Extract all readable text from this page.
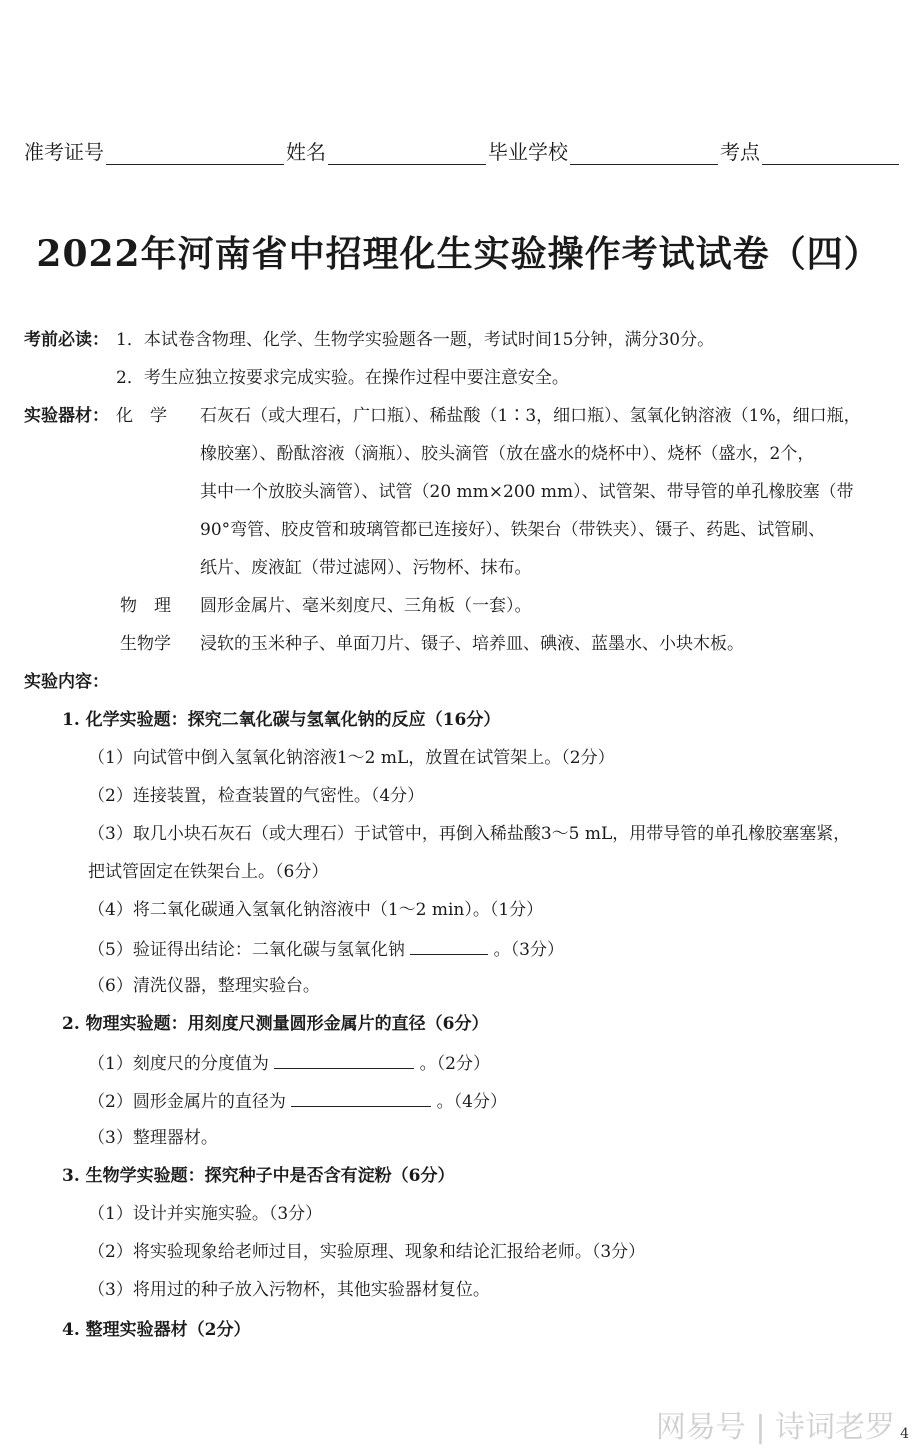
准考证号	姓名	毕业学校	考点
2022年河南省中招理化生实验操作考试试卷（四）
考前必读： 1．本试卷含物理、化学、生物学实验题各一题，考试时间15分钟，满分30分。
2．考生应独立按要求完成实验。在操作过程中要注意安全。
实验器材： 化　学 石灰石（或大理石，广口瓶）、稀盐酸（1∶3，细口瓶）、氢氧化钠溶液（1%，细口瓶，
橡胶塞）、酚酞溶液（滴瓶）、胶头滴管（放在盛水的烧杯中）、烧杯（盛水，2个，
其中一个放胶头滴管）、试管（20 mm×200 mm）、试管架、带导管的单孔橡胶塞（带
90°弯管、胶皮管和玻璃管都已连接好）、铁架台（带铁夹）、镊子、药匙、试管刷、
纸片、废液缸（带过滤网）、污物杯、抹布。
物　理 圆形金属片、毫米刻度尺、三角板（一套）。
生物学 浸软的玉米种子、单面刀片、镊子、培养皿、碘液、蓝墨水、小块木板。
实验内容：
1. 化学实验题：探究二氧化碳与氢氧化钠的反应（16分）
（1）向试管中倒入氢氧化钠溶液1～2 mL，放置在试管架上。（2分）
（2）连接装置，检查装置的气密性。（4分）
（3）取几小块石灰石（或大理石）于试管中，再倒入稀盐酸3～5 mL，用带导管的单孔橡胶塞塞紧，
把试管固定在铁架台上。（6分）
（4）将二氧化碳通入氢氧化钠溶液中（1～2 min）。（1分）
（5）验证得出结论：二氧化碳与氢氧化钠	。（3分）
（6）清洗仪器，整理实验台。
2. 物理实验题：用刻度尺测量圆形金属片的直径（6分）
（1）刻度尺的分度值为	。（2分）
（2）圆形金属片的直径为	。（4分）
（3）整理器材。
3. 生物学实验题：探究种子中是否含有淀粉（6分）
（1）设计并实施实验。（3分）
（2）将实验现象给老师过目，实验原理、现象和结论汇报给老师。（3分）
（3）将用过的种子放入污物杯，其他实验器材复位。
4. 整理实验器材（2分）
网易号 | 诗词老罗 4
